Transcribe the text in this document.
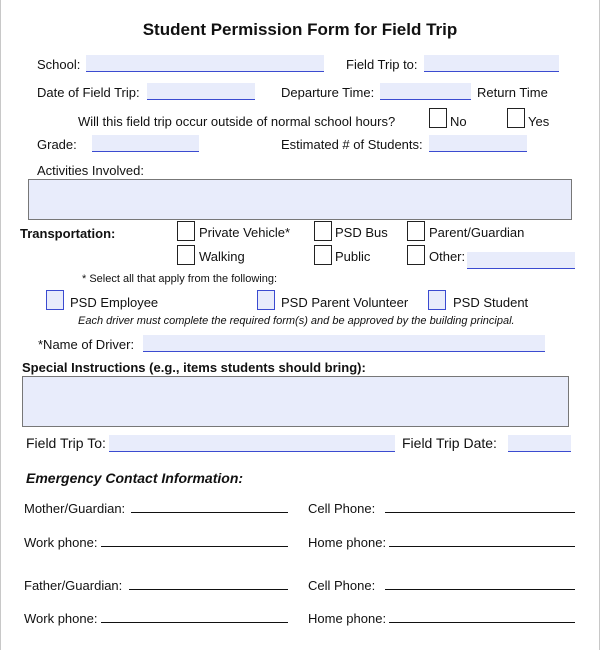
Student Permission Form for Field Trip
School:	Field Trip to:
Date of Field Trip:	Departure Time:	Return Time
Will this field trip occur outside of normal school hours?	No	Yes
Grade:	Estimated # of Students:
Activities Involved:
Transportation:	Private Vehicle*	PSD Bus	Parent/Guardian
Walking	Public	Other:
* Select all that apply from the following:
PSD Employee	PSD Parent Volunteer	PSD Student
Each driver must complete the required form(s) and be approved by the building principal.
*Name of Driver:
Special Instructions (e.g., items students should bring):
Field Trip To:	Field Trip Date:
Emergency Contact Information:
Mother/Guardian:	Cell Phone:
Work phone:	Home phone:
Father/Guardian:	Cell Phone:
Work phone:	Home phone:
